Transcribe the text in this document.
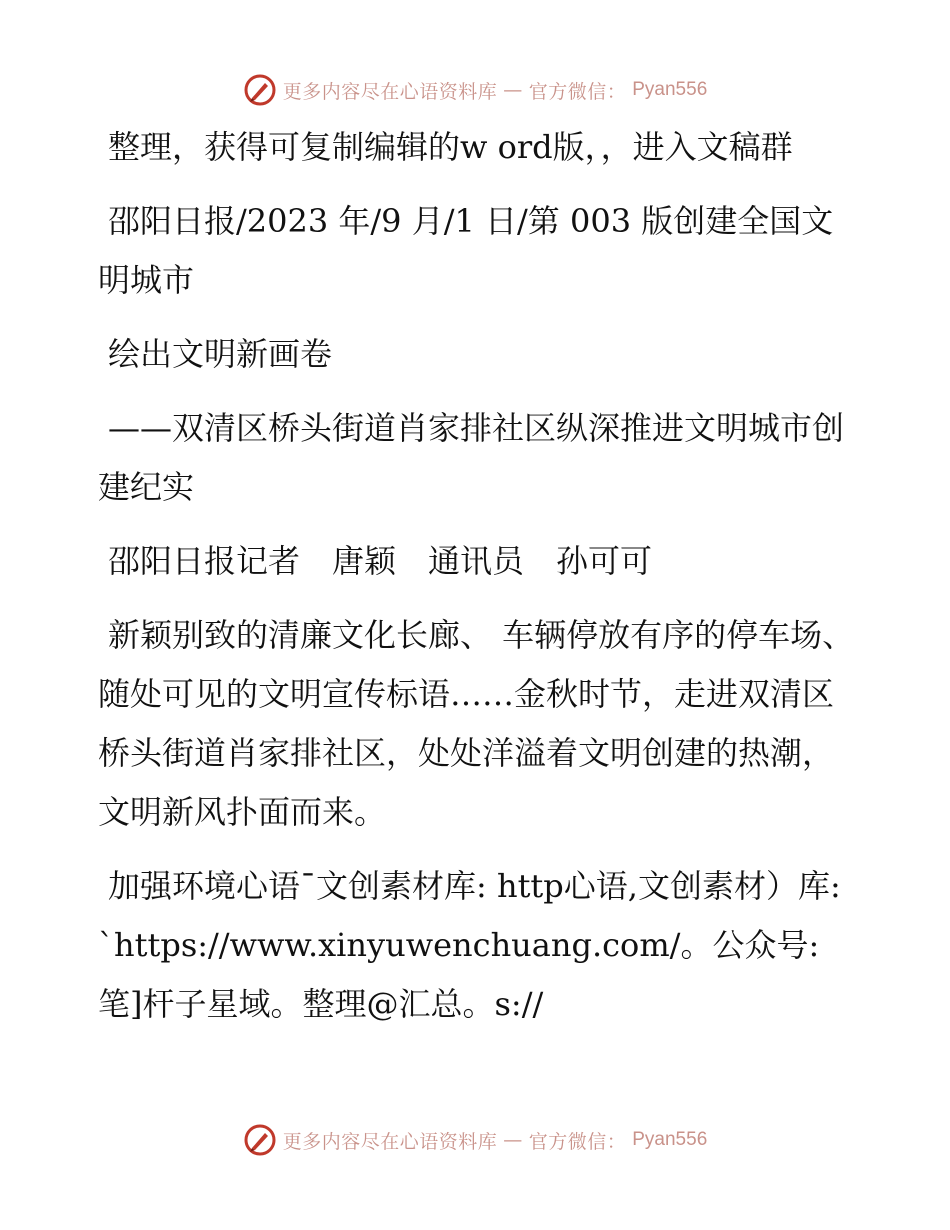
更多内容尽在心语资料库 — 官方微信： Pyan556

整理，获得可复制编辑的w ord版，，进入文稿群

邵阳日报/2023 年/9 月/1 日/第 003 版创建全国文明城市

绘出文明新画卷

——双清区桥头街道肖家排社区纵深推进文明城市创建纪实

邵阳日报记者　唐颖　通讯员　孙可可

新颖别致的清廉文化长廊、 车辆停放有序的停车场、 随处可见的文明宣传标语……金秋时节，走进双清区桥头街道肖家排社区，处处洋溢着文明创建的热潮，文明新风扑面而来。

加强环境心语¯文创素材库: http心语,文创素材）库: `https://www.xinyuwenchuang.com/。公众号: 笔]杆子星域。整理@汇总。s://

更多内容尽在心语资料库 — 官方微信： Pyan556
